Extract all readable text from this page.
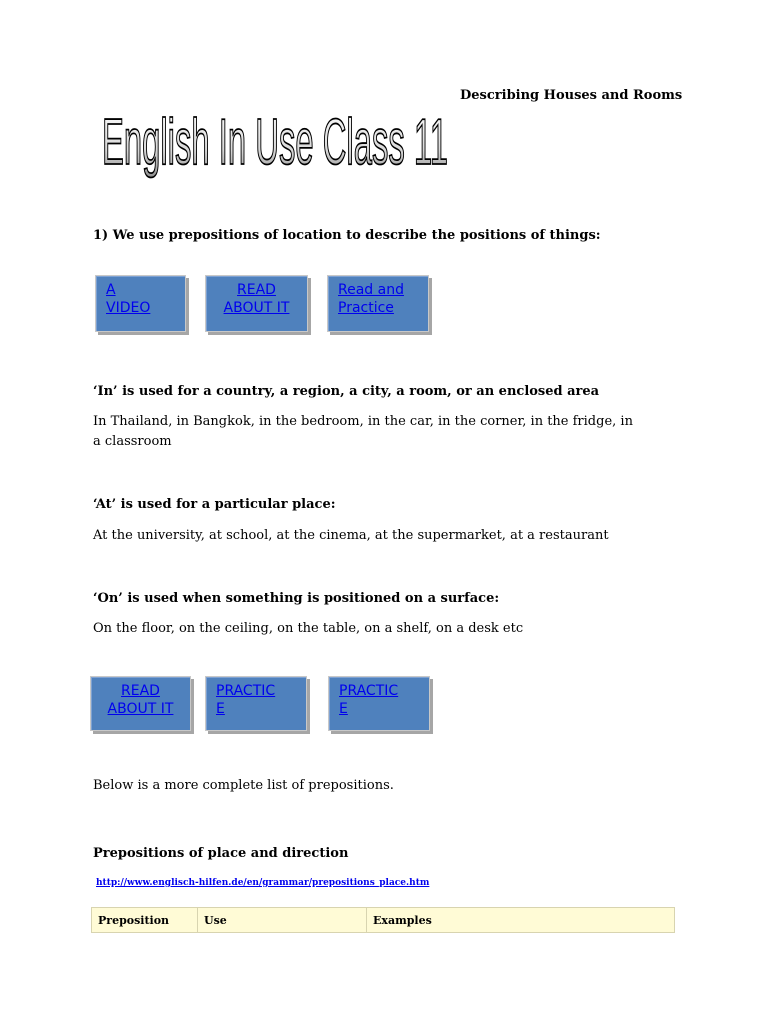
English In Use Class 11
Describing Houses and Rooms
1) We use prepositions of location to describe the positions of things:
A
VIDEO
READ
ABOUT IT
Read and
Practice
‘In’ is used for a country, a region, a city, a room, or an enclosed area
In Thailand, in Bangkok, in the bedroom, in the car, in the corner, in the fridge, in a classroom
‘At’ is used for a particular place:
At the university, at school, at the cinema, at the supermarket, at a restaurant
‘On’ is used when something is positioned on a surface:
On the floor, on the ceiling, on the table, on a shelf, on a desk etc
READ
ABOUT IT
PRACTIC
E
PRACTIC
E
Below is a more complete list of prepositions.
Prepositions of place and direction
http://www.englisch-hilfen.de/en/grammar/prepositions_place.htm
Preposition	Use	Examples
